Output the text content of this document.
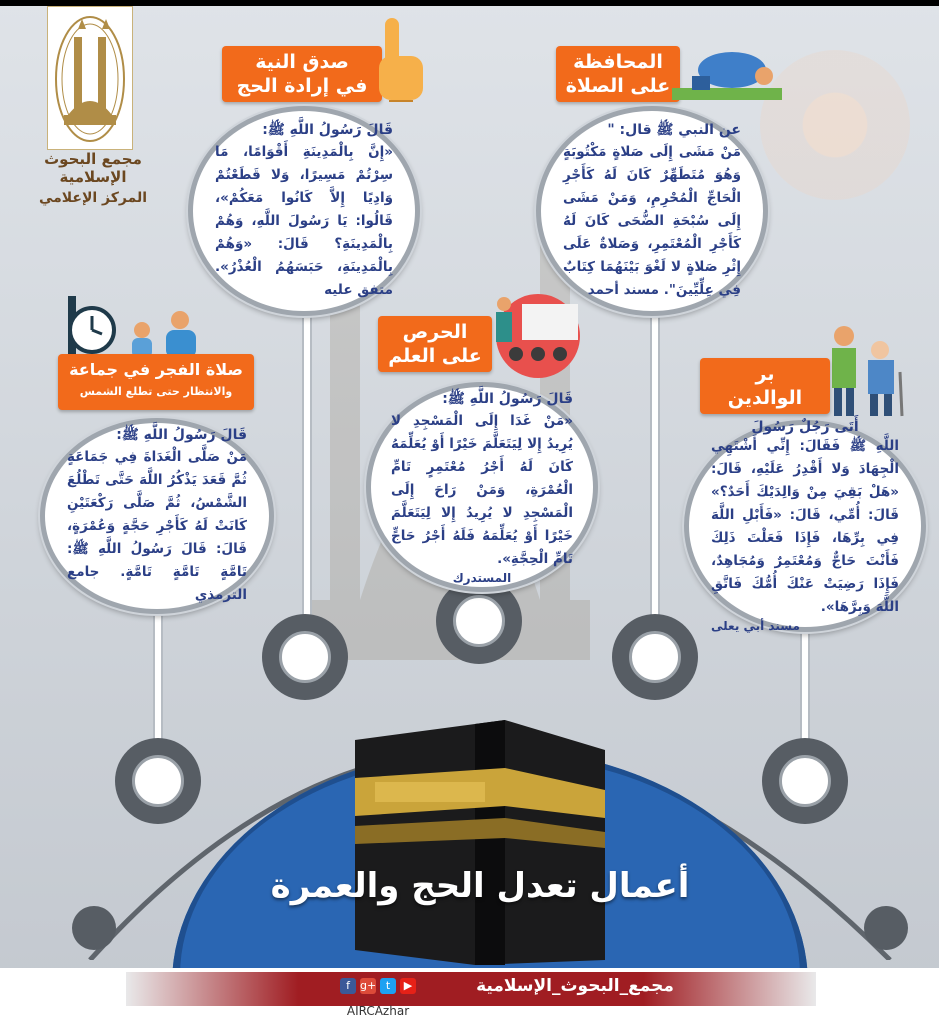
مجمع البحوث الإسلامية
المركز الإعلامي
أعمال تعدل الحج والعمرة
صدق النية
في إرادة الحج

قَالَ رَسُولُ اللَّهِ ﷺ:

«إِنَّ بِالْمَدِينَةِ أَقْوَامًا، مَا سِرْتُمْ مَسِيرًا، وَلا قَطَعْتُمْ وَادِيًا إِلاَّ كَانُوا مَعَكُمْ»، قَالُوا: يَا رَسُولَ اللَّهِ، وَهُمْ بِالْمَدِينَةِ؟ قَالَ: «وَهُمْ بِالْمَدِينَةِ، حَبَسَهُمُ الْعُذْرُ». متفق عليه

المحافظة
على الصلاة

عن النبي ﷺ قال: "

مَنْ مَشَى إِلَى صَلاةٍ مَكْتُوبَةٍ وَهُوَ مُتَطَهِّرٌ كَانَ لَهُ كَأَجْرِ الْحَاجِّ الْمُحْرِمِ، وَمَنْ مَشَى إِلَى سُبْحَةِ الضُّحَى كَانَ لَهُ كَأَجْرِ الْمُعْتَمِرِ، وَصَلاةٌ عَلَى إِثْرِ صَلاةٍ لا لَغْوَ بَيْنَهُمَا كِتَابٌ فِي عِلِّيِّينَ". مسند أحمد

الحرص
على العلم

قَالَ رَسُولُ اللَّهِ ﷺ:

«مَنْ غَدَا إِلَى الْمَسْجِدِ لا يُرِيدُ إِلا لِيَتَعَلَّمَ خَيْرًا أَوْ يُعَلِّمَهُ كَانَ لَهُ أَجْرُ مُعْتَمِرٍ تَامِّ الْعُمْرَةِ، وَمَنْ رَاحَ إِلَى الْمَسْجِدِ لا يُرِيدُ إِلا لِيَتَعَلَّمَ خَيْرًا أَوْ يُعَلِّمَهُ فَلَهُ أَجْرُ حَاجٍّ تَامِّ الْحِجَّةِ».

المستدرك

صلاة الفجر في جماعة
والانتظار حتى تطلع الشمس

قَالَ رَسُولُ اللَّهِ ﷺ:

مَنْ صَلَّى الْغَدَاةَ فِي جَمَاعَةٍ ثُمَّ قَعَدَ يَذْكُرُ اللَّهَ حَتَّى تَطْلُعَ الشَّمْسُ، ثُمَّ صَلَّى رَكْعَتَيْنِ كَانَتْ لَهُ كَأَجْرِ حَجَّةٍ وَعُمْرَةٍ، قَالَ: قَالَ رَسُولُ اللَّهِ ﷺ: تَامَّةٍ تَامَّةٍ تَامَّةٍ. جامع الترمذي

بر
الوالدين

أَتَى رَجُلٌ رَسُولَ

اللَّهِ ﷺ فَقَالَ: إِنِّي أَشْتَهِي الْجِهَادَ وَلا أَقْدِرُ عَلَيْهِ، قَالَ: «هَلْ بَقِيَ مِنْ وَالِدَيْكَ أَحَدٌ؟» قَالَ: أُمِّي، قَالَ: «فَأَبْلِ اللَّهَ فِي بِرِّهَا، فَإِذَا فَعَلْتَ ذَلِكَ فَأَنْتَ حَاجٌّ وَمُعْتَمِرٌ وَمُجَاهِدٌ، فَإِذَا رَضِيَتْ عَنْكَ أُمُّكَ فَاتَّقِ اللَّهَ وَبِرَّهَا».

مسند أبي يعلى

مجمع_البحوث_الإسلامية
f g+ t	▶
AIRCAzhar
